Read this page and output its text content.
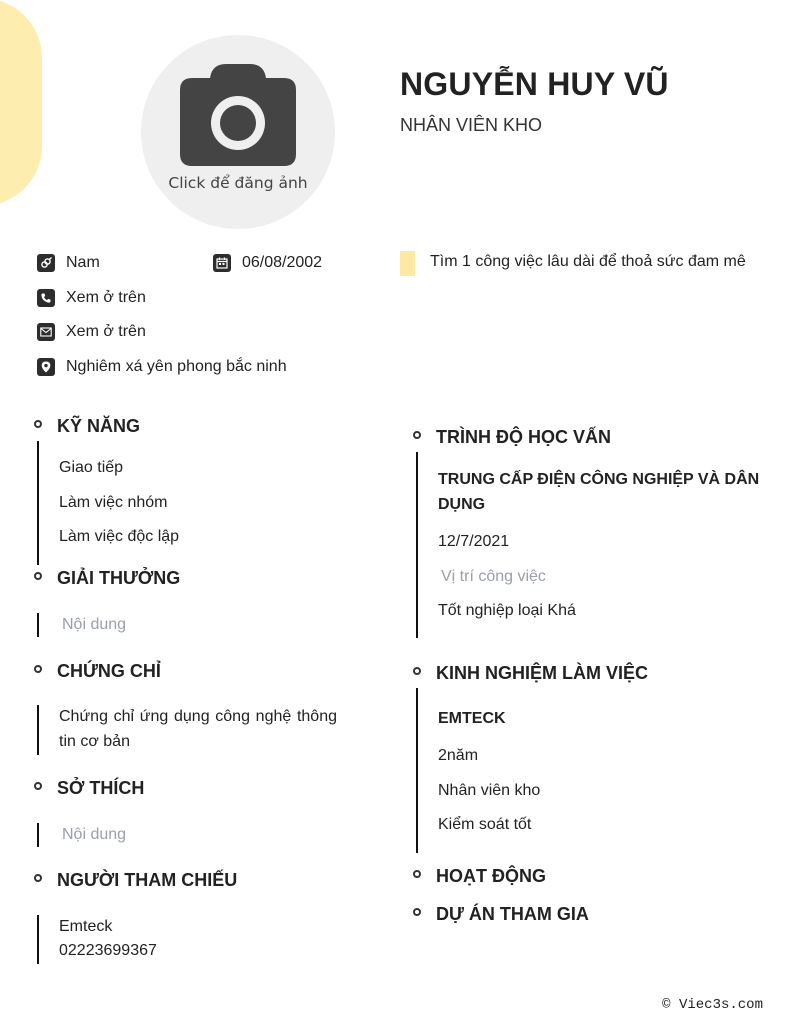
Click để đăng ảnh
NGUYỄN HUY VŨ
NHÂN VIÊN KHO
Nam	06/08/2002
Xem ở trên
Xem ở trên
Nghiêm xá yên phong bắc ninh
Tìm 1 công việc lâu dài để thoả sức đam mê
KỸ NĂNG
Giao tiếp
Làm việc nhóm
Làm việc độc lập
GIẢI THƯỞNG
Nội dung
CHỨNG CHỈ
Chứng chỉ ứng dụng công nghệ thông tin cơ bản
SỞ THÍCH
Nội dung
NGƯỜI THAM CHIẾU
Emteck
02223699367
TRÌNH ĐỘ HỌC VẤN
TRUNG CẤP ĐIỆN CÔNG NGHIỆP VÀ DÂN DỤNG
12/7/2021
Vị trí công việc
Tốt nghiệp loại Khá
KINH NGHIỆM LÀM VIỆC
EMTECK
2năm
Nhân viên kho
Kiểm soát tốt
HOẠT ĐỘNG
DỰ ÁN THAM GIA
© Viec3s.com
